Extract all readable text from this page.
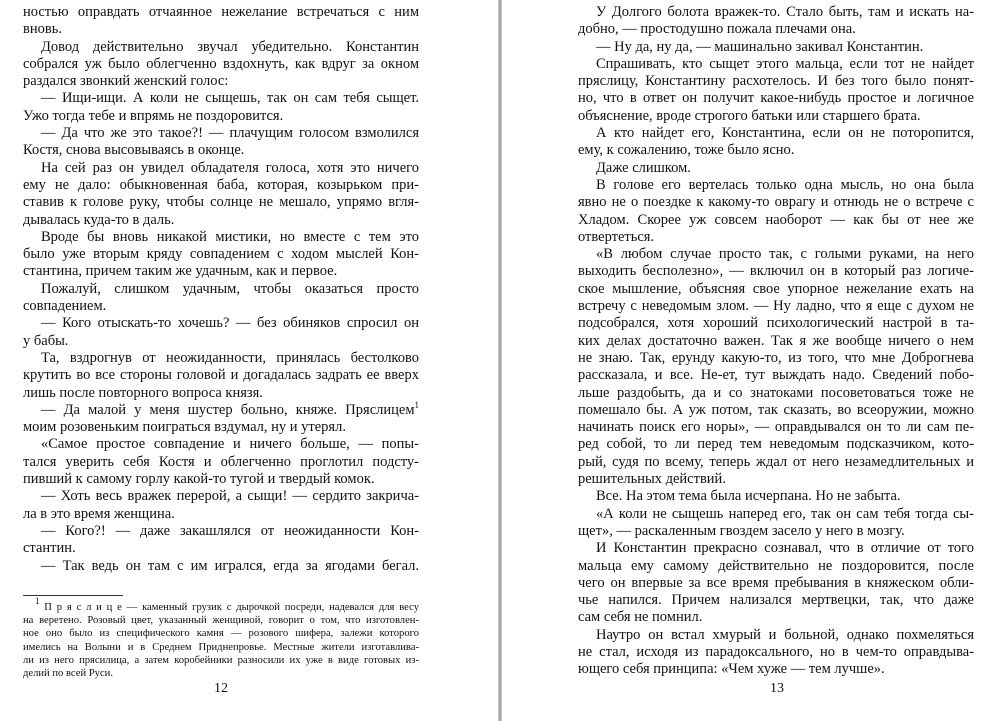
ностью оправдать отчаянное нежелание встречаться с ним
вновь.
Довод действительно звучал убедительно. Константин
собрался уж было облегченно вздохнуть, как вдруг за окном
раздался звонкий женский голос:
— Ищи-ищи. А коли не сыщешь, так он сам тебя сыщет.
Ужо тогда тебе и впрямь не поздоровится.
— Да что же это такое?! — плачущим голосом взмолился
Костя, снова высовываясь в оконце.
На сей раз он увидел обладателя голоса, хотя это ничего
ему не дало: обыкновенная баба, которая, козырьком при-
ставив к голове руку, чтобы солнце не мешало, упрямо вгля-
дывалась куда-то в даль.
Вроде бы вновь никакой мистики, но вместе с тем это
было уже вторым кряду совпадением с ходом мыслей Кон-
стантина, причем таким же удачным, как и первое.
Пожалуй, слишком удачным, чтобы оказаться просто
совпадением.
— Кого отыскать-то хочешь? — без обиняков спросил он
у бабы.
Та, вздрогнув от неожиданности, принялась бестолково
крутить во все стороны головой и догадалась задрать ее вверх
лишь после повторного вопроса князя.
— Да малой у меня шустер больно, княже. Пряслицем$^1$
моим розовеньким поиграться вздумал, ну и утерял.
«Самое простое совпадение и ничего больше, — попы-
тался уверить себя Костя и облегченно проглотил подсту-
пивший к самому горлу какой-то тугой и твердый комок.
— Хоть весь вражек перерой, а сыщи! — сердито закрича-
ла в это время женщина.
— Кого?! — даже закашлялся от неожиданности Кон-
стантин.
— Так ведь он там с им игрался, егда за ягодами бегал.
$^1$ П р я с л и ц е — каменный грузик с дырочкой посреди, надевался для весу
на веретено. Розовый цвет, указанный женщиной, говорит о том, что изготовлен-
ное оно было из специфического камня — розового шифера, залежи которого
имелись на Волыни и в Среднем Приднепровье. Местные жители изготавлива-
ли из него прясилица, а затем коробейники разносили их уже в виде готовых из-
делий по всей Руси.
12
У Долгого болота вражек-то. Стало быть, там и искать на-
добно, — простодушно пожала плечами она.
— Ну да, ну да, — машинально закивал Константин.
Спрашивать, кто сыщет этого мальца, если тот не найдет
пряслицу, Константину расхотелось. И без того было понят-
но, что в ответ он получит какое-нибудь простое и логичное
объяснение, вроде строгого батьки или старшего брата.
А кто найдет его, Константина, если он не поторопится,
ему, к сожалению, тоже было ясно.
Даже слишком.
В голове его вертелась только одна мысль, но она была
явно не о поездке к какому-то оврагу и отнюдь не о встрече с
Хладом. Скорее уж совсем наоборот — как бы от нее же
отвертеться.
«В любом случае просто так, с голыми руками, на него
выходить бесполезно», — включил он в который раз логиче-
ское мышление, объясняя свое упорное нежелание ехать на
встречу с неведомым злом. — Ну ладно, что я еще с духом не
подсобрался, хотя хороший психологический настрой в та-
ких делах достаточно важен. Так я же вообще ничего о нем
не знаю. Так, ерунду какую-то, из того, что мне Доброгнева
рассказала, и все. Не-ет, тут выждать надо. Сведений побо-
льше раздобыть, да и со знатоками посоветоваться тоже не
помешало бы. А уж потом, так сказать, во всеоружии, можно
начинать поиск его норы», — оправдывался он то ли сам пе-
ред собой, то ли перед тем неведомым подсказчиком, кото-
рый, судя по всему, теперь ждал от него незамедлительных и
решительных действий.
Все. На этом тема была исчерпана. Но не забыта.
«А коли не сыщешь наперед его, так он сам тебя тогда сы-
щет», — раскаленным гвоздем засело у него в мозгу.
И Константин прекрасно сознавал, что в отличие от того
мальца ему самому действительно не поздоровится, после
чего он впервые за все время пребывания в княжеском обли-
чье напился. Причем нализался мертвецки, так, что даже
сам себя не помнил.
Наутро он встал хмурый и больной, однако похмеляться
не стал, исходя из парадоксального, но в чем-то оправдыва-
ющего себя принципа: «Чем хуже — тем лучше».
13
